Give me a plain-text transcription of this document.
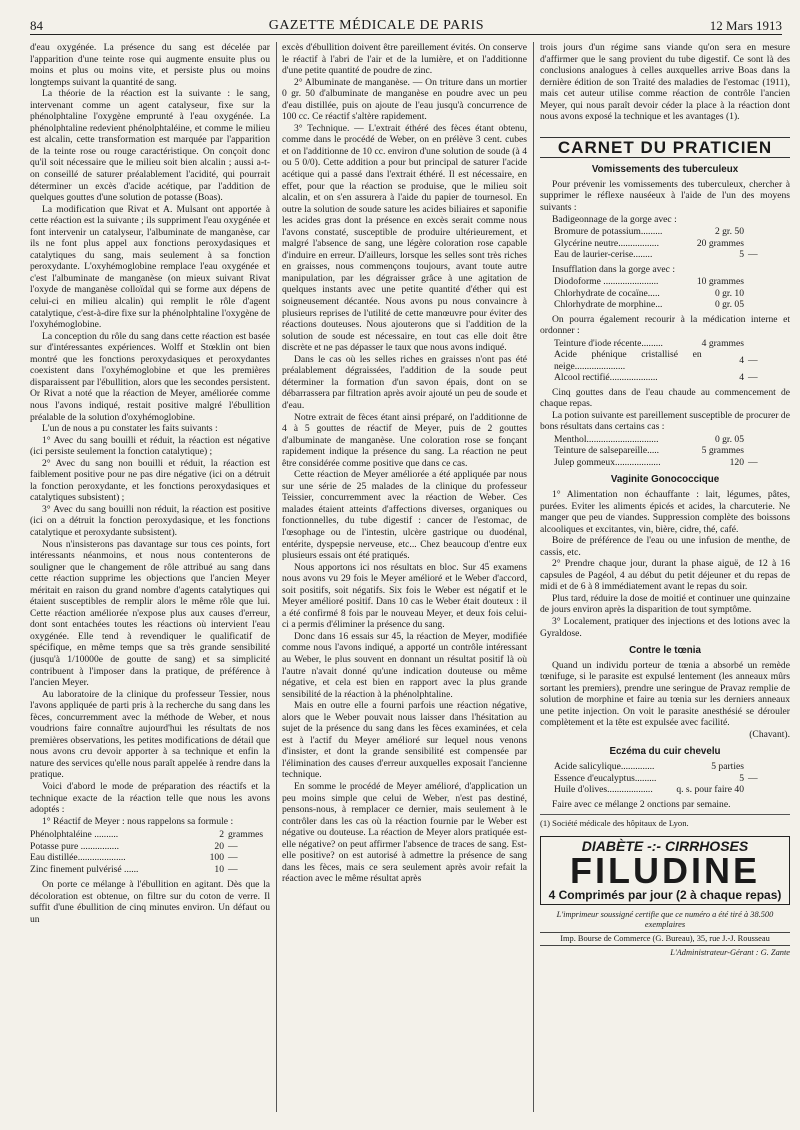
84	GAZETTE MÉDICALE DE PARIS	12 Mars 1913

d'eau oxygénée. La présence du sang est décelée par l'apparition d'une teinte rose qui augmente ensuite plus ou moins et plus ou moins vite, et persiste plus ou moins longtemps suivant la quantité de sang.

La théorie de la réaction est la suivante : le sang, intervenant comme un agent catalyseur, fixe sur la phénolphtaline l'oxygène emprunté à l'eau oxygénée. La phénolphtaline redevient phénolphtaléine, et comme le milieu est alcalin, cette transformation est marquée par l'apparition de la teinte rose ou rouge caractéristique. On conçoit donc qu'il soit nécessaire que le milieu soit bien alcalin ; aussi a-t-on conseillé de saturer préalablement l'acidité, qui pourrait déterminer un excès d'acide acétique, par l'addition de quelques gouttes d'une solution de potasse (Boas).

La modification que Rivat et A. Mulsant ont apportée à cette réaction est la suivante ; ils suppriment l'eau oxygénée et font intervenir un catalyseur, l'albuminate de manganèse, car ils ne font plus appel aux fonctions peroxydasiques et catalytiques du sang, mais seulement à sa fonction peroxydante. L'oxyhémoglobine remplace l'eau oxygénée et c'est l'albuminate de manganèse (on mieux suivant Rivat l'oxyde de manganèse colloïdal qui se forme aux dépens de celui-ci en milieu alcalin) qui remplit le rôle d'agent catalytique, c'est-à-dire fixe sur la phénolphtaline l'oxygène de l'oxyhémoglobine.

La conception du rôle du sang dans cette réaction est basée sur d'intéressantes expériences. Wolff et Stœklin ont bien montré que les fonctions peroxydasiques et peroxydantes coexistent dans l'oxyhémoglobine et que les premières disparaissent par l'ébullition, alors que les secondes persistent. Or Rivat a noté que la réaction de Meyer, améliorée comme nous l'avons indiqué, restait positive malgré l'ébullition préalable de la solution d'oxyhémoglobine.

L'un de nous a pu constater les faits suivants :

1° Avec du sang bouilli et réduit, la réaction est négative (ici persiste seulement la fonction catalytique) ;

2° Avec du sang non bouilli et réduit, la réaction est faiblement positive pour ne pas dire négative (ici on a détruit la fonction peroxydante, et les fonctions peroxydasiques et catalytiques subsistent) ;

3° Avec du sang bouilli non réduit, la réaction est positive (ici on a détruit la fonction peroxydasique, et les fonctions catalytique et peroxydante subsistent).

Nous n'insisterons pas davantage sur tous ces points, fort intéressants néanmoins, et nous nous contenterons de souligner que le changement de rôle attribué au sang dans cette réaction supprime les objections que l'ancien Meyer méritait en raison du grand nombre d'agents catalytiques qui étaient susceptibles de remplir alors le même rôle que lui. Cette réaction améliorée n'expose plus aux causes d'erreur, dont sont entachées toutes les réactions où intervient l'eau oxygénée. Elle tend à revendiquer le qualificatif de spécifique, en même temps que sa très grande sensibilité (jusqu'à 1/10000e de goutte de sang) et sa simplicité contribuent à l'imposer dans la pratique, de préférence à l'ancien Meyer.

Au laboratoire de la clinique du professeur Tessier, nous l'avons appliquée de parti pris à la recherche du sang dans les fèces, concurremment avec la méthode de Weber, et nous voudrions faire connaître aujourd'hui les résultats de nos premières observations, les petites modifications de détail que nous avons cru devoir apporter à sa technique et enfin la nature des services qu'elle nous paraît appelée à rendre dans la pratique.

Voici d'abord le mode de préparation des réactifs et la technique exacte de la réaction telle que nous les avons adoptés :

1° Réactif de Meyer : nous rappelons sa formule :

Phénolphtaléine ..........	2	grammes
Potasse pure ................	20	—
Eau distillée....................	100	—
Zinc finement pulvérisé ......	10	—

On porte ce mélange à l'ébullition en agitant. Dès que la décoloration est obtenue, on filtre sur du coton de verre. Il suffit d'une ébullition de cinq minutes environ. Un défaut ou un

excès d'ébullition doivent être pareillement évités. On conserve le réactif à l'abri de l'air et de la lumière, et on l'additionne d'une petite quantité de poudre de zinc.

2° Albuminate de manganèse. — On triture dans un mortier 0 gr. 50 d'albuminate de manganèse en poudre avec un peu d'eau distillée, puis on ajoute de l'eau jusqu'à concurrence de 100 cc. Ce réactif s'altère rapidement.

3° Technique. — L'extrait éthéré des fèces étant obtenu, comme dans le procédé de Weber, on en prélève 3 cent. cubes et on l'additionne de 10 cc. environ d'une solution de soude (à 4 ou 5 0/0). Cette addition a pour but principal de saturer l'acide acétique qui a passé dans l'extrait éthéré. Il est nécessaire, en effet, pour que la réaction se produise, que le milieu soit alcalin, et on s'en assurera à l'aide du papier de tournesol. En outre la solution de soude sature les acides biliaires et saponifie les acides gras dont la présence en excès serait comme nous l'avons constaté, susceptible de produire ultérieurement, et malgré l'absence de sang, une légère coloration rose capable d'induire en erreur. D'ailleurs, lorsque les selles sont très riches en graisses, nous commençons toujours, avant toute autre manipulation, par les dégraisser grâce à une agitation de quelques instants avec une petite quantité d'éther qui est soigneusement décantée. Nous avons pu nous convaincre à plusieurs reprises de l'utilité de cette manœuvre pour éviter des réactions douteuses. Nous ajouterons que si l'addition de la solution de soude est nécessaire, en tout cas elle doit être discrète et ne pas dépasser le taux que nous avons indiqué.

Dans le cas où les selles riches en graisses n'ont pas été préalablement dégraissées, l'addition de la soude peut déterminer la formation d'un savon épais, dont on se débarrassera par filtration après avoir ajouté un peu de soude et d'eau.

Notre extrait de fèces étant ainsi préparé, on l'additionne de 4 à 5 gouttes de réactif de Meyer, puis de 2 gouttes d'albuminate de manganèse. Une coloration rose se fonçant rapidement indique la présence du sang. La réaction ne peut être considérée comme positive que dans ce cas.

Cette réaction de Meyer améliorée a été appliquée par nous sur une série de 25 malades de la clinique du professeur Teissier, concurremment avec la réaction de Weber. Ces malades étaient atteints d'affections diverses, organiques ou fonctionnelles, du tube digestif : cancer de l'estomac, de l'œsophage ou de l'intestin, ulcère gastrique ou duodénal, entérite, dyspepsie nerveuse, etc... Chez beaucoup d'entre eux plusieurs essais ont été pratiqués.

Nous apportons ici nos résultats en bloc. Sur 45 examens nous avons vu 29 fois le Meyer amélioré et le Weber d'accord, soit positifs, soit négatifs. Six fois le Weber est négatif et le Meyer amélioré positif. Dans 10 cas le Weber était douteux : il a été confirmé 8 fois par le nouveau Meyer, et deux fois celui-ci a permis d'éliminer la présence du sang.

Donc dans 16 essais sur 45, la réaction de Meyer, modifiée comme nous l'avons indiqué, a apporté un contrôle intéressant au Weber, le plus souvent en donnant un résultat positif là où l'autre n'avait donné qu'une indication douteuse ou même négative, et cela est bien en rapport avec la plus grande sensibilité de la réaction à la phénolphtaline.

Mais en outre elle a fourni parfois une réaction négative, alors que le Weber pouvait nous laisser dans l'hésitation au sujet de la présence du sang dans les fèces examinées, et cela est à l'actif du Meyer amélioré sur lequel nous venons d'insister, et dont la grande sensibilité est compensée par l'élimination des causes d'erreur auxquelles exposait l'ancienne technique.

En somme le procédé de Meyer amélioré, d'application un peu moins simple que celui de Weber, n'est pas destiné, pensons-nous, à remplacer ce dernier, mais seulement à le contrôler dans les cas où la réaction fournie par le Weber est négative ou douteuse. La réaction de Meyer alors pratiquée est-elle négative? on peut affirmer l'absence de traces de sang. Est-elle positive? on est autorisé à admettre la présence de sang dans les fèces, mais ce sera seulement après avoir refait la réaction avec le même résultat après

trois jours d'un régime sans viande qu'on sera en mesure d'affirmer que le sang provient du tube digestif. Ce sont là des conclusions analogues à celles auxquelles arrive Boas dans la dernière édition de son Traité des maladies de l'estomac (1911), mais cet auteur utilise comme réaction de contrôle l'ancien Meyer, qui nous paraît devoir céder la place à la réaction dont nous avons exposé la technique et les avantages (1).

CARNET DU PRATICIEN
Vomissements des tuberculeux

Pour prévenir les vomissements des tuberculeux, chercher à supprimer le réflexe nauséeux à l'aide de l'un des moyens suivants :

Badigeonnage de la gorge avec :

Bromure de potassium.........	2 gr. 50	
Glycérine neutre.................	20 grammes	
Eau de laurier-cerise........	5	—

Insufflation dans la gorge avec :

Diodoforme .......................	10 grammes	
Chlorhydrate de cocaïne.....	0 gr. 10	
Chlorhydrate de morphine...	0 gr. 05	

On pourra également recourir à la médication interne et ordonner :

Teinture d'iode récente.........	4 grammes	
Acide phénique cristallisé en neige.....................	4	—
Alcool rectifié....................	4	—

Cinq gouttes dans de l'eau chaude au commencement de chaque repas.

La potion suivante est pareillement susceptible de procurer de bons résultats dans certains cas :

Menthol..............................	0 gr. 05	
Teinture de salsepareille.....	5 grammes	
Julep gommeux...................	120	—
Vaginite Gonococcique

1° Alimentation non échauffante : lait, légumes, pâtes, purées. Eviter les aliments épicés et acides, la charcuterie. Ne manger que peu de viandes. Suppression complète des boissons alcooliques et excitantes, vin, bière, cidre, thé, café.

Boire de préférence de l'eau ou une infusion de menthe, de cassis, etc.

2° Prendre chaque jour, durant la phase aiguë, de 12 à 16 capsules de Pagéol, 4 au début du petit déjeuner et du repas de midi et de 6 à 8 immédiatement avant le repas du soir.

Plus tard, réduire la dose de moitié et continuer une quinzaine de jours environ après la disparition de tout symptôme.

3° Localement, pratiquer des injections et des lotions avec la Gyraldose.

Contre le tœnia

Quand un individu porteur de tœnia a absorbé un remède tœnifuge, si le parasite est expulsé lentement (les anneaux mûrs sortant les premiers), prendre une seringue de Pravaz remplie de solution de morphine et faire au tœnia sur les derniers anneaux une petite injection. On voit le parasite anesthésié se dérouler complètement et la tête est expulsée avec facilité.

(Chavant).
Eczéma du cuir chevelu
Acide salicylique..............	5 parties	
Essence d'eucalyptus.........	5	—
Huile d'olives...................	q. s. pour faire 40	

Faire avec ce mélange 2 onctions par semaine.

(1) Société médicale des hôpitaux de Lyon.
DIABÈTE -:- CIRRHOSES
FILUDINE
4 Comprimés par jour (2 à chaque repas)
L'imprimeur soussigné certifie que ce numéro a été tiré à 38.500 exemplaires
Imp. Bourse de Commerce (G. Bureau), 35, rue J.-J. Rousseau
L'Administrateur-Gérant : G. Zante
